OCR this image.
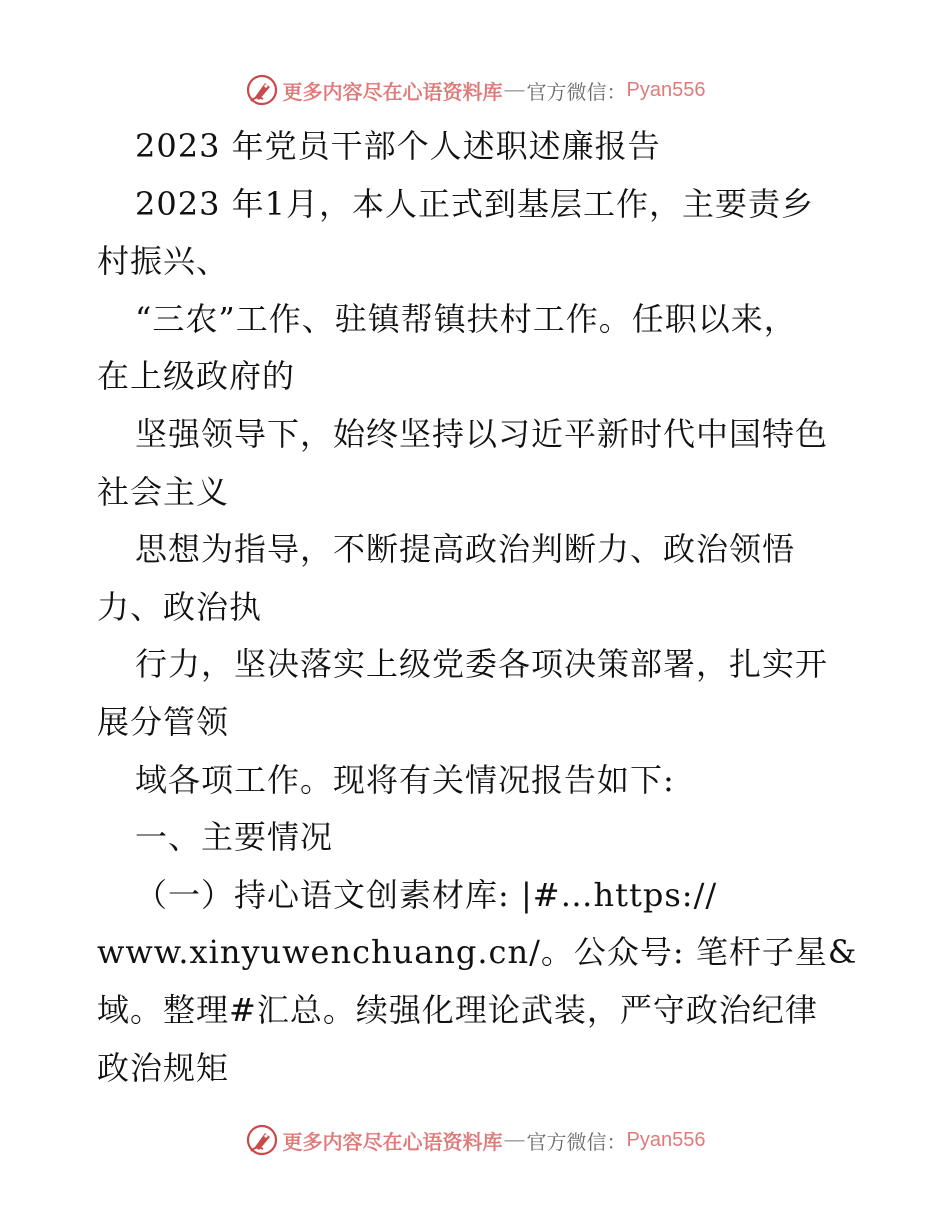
更多内容尽在心语资料库 — 官方微信： Pyan556
2023 年党员干部个人述职述廉报告
2023 年1月，本人正式到基层工作，主要责乡
村振兴、
“三农”工作、驻镇帮镇扶村工作。任职以来，
在上级政府的
坚强领导下，始终坚持以习近平新时代中国特色
社会主义
思想为指导，不断提高政治判断力、政治领悟
力、政治执
行力，坚决落实上级党委各项决策部署，扎实开
展分管领
域各项工作。现将有关情况报告如下:
一、主要情况
（一）持心语文创素材库: |#…https://
www.xinyuwenchuang.cn/。公众号: 笔杆子星&
域。整理#汇总。续强化理论武装，严守政治纪律
政治规矩
更多内容尽在心语资料库 — 官方微信： Pyan556
